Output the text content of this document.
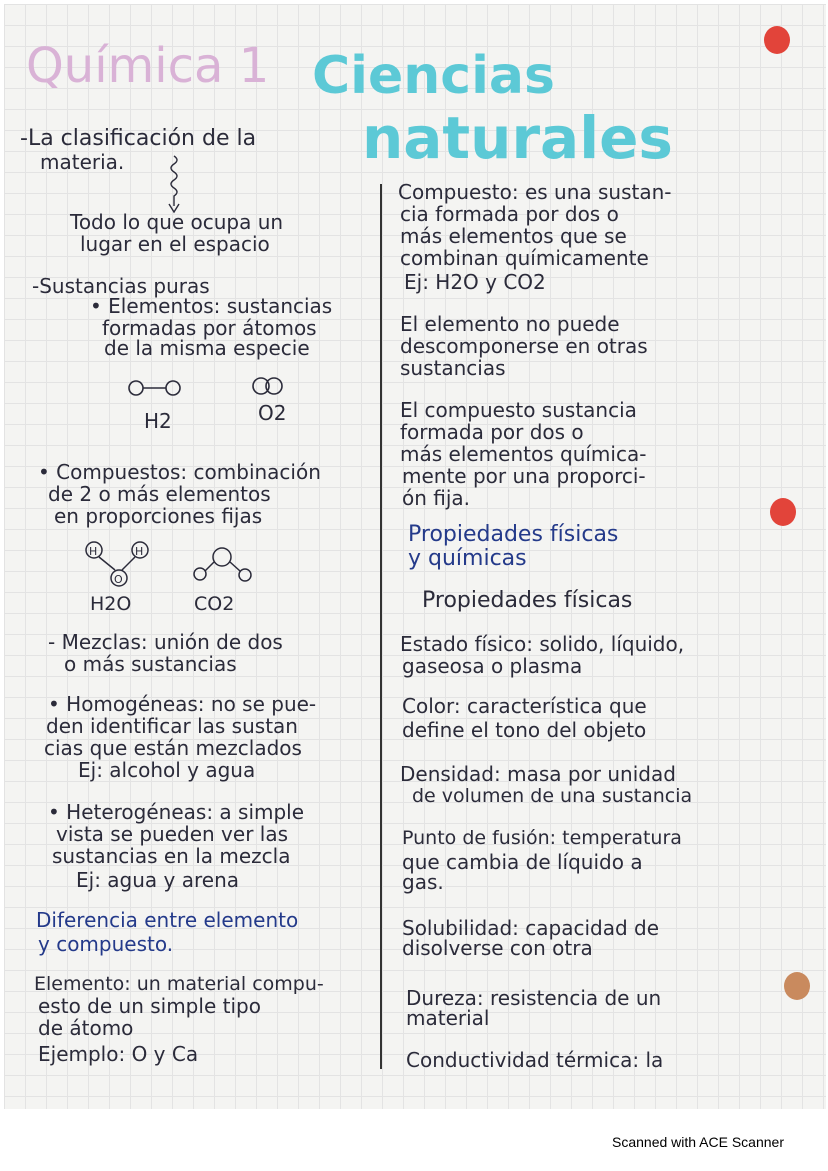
Química 1 Ciencias
naturales

-La clasificación de la

materia.

Todo lo que ocupa un

lugar en el espacio

-Sustancias puras

• Elementos: sustancias

formadas por átomos

de la misma especie

H2	O2

• Compuestos: combinación

de 2 o más elementos

en proporciones fijas

H	H
O
H2O	CO2

- Mezclas: unión de dos

o más sustancias

• Homogéneas: no se pue-

den identificar las sustan

cias que están mezclados

Ej: alcohol y agua

• Heterogéneas: a simple

vista se pueden ver las

sustancias en la mezcla

Ej: agua y arena

Diferencia entre elemento

y compuesto.

Elemento: un material compu-

esto de un simple tipo

de átomo

Ejemplo: O y Ca

Compuesto: es una sustan-

cia formada por dos o

más elementos que se

combinan químicamente

Ej: H2O y CO2

El elemento no puede

descomponerse en otras

sustancias

El compuesto sustancia

formada por dos o

más elementos química-

mente por una proporci-

ón fija.

Propiedades físicas

y químicas

Propiedades físicas

Estado físico: solido, líquido,

gaseosa o plasma

Color: característica que

define el tono del objeto

Densidad: masa por unidad

de volumen de una sustancia

Punto de fusión: temperatura

que cambia de líquido a

gas.

Solubilidad: capacidad de

disolverse con otra

Dureza: resistencia de un

material

Conductividad térmica: la

Scanned with ACE Scanner
